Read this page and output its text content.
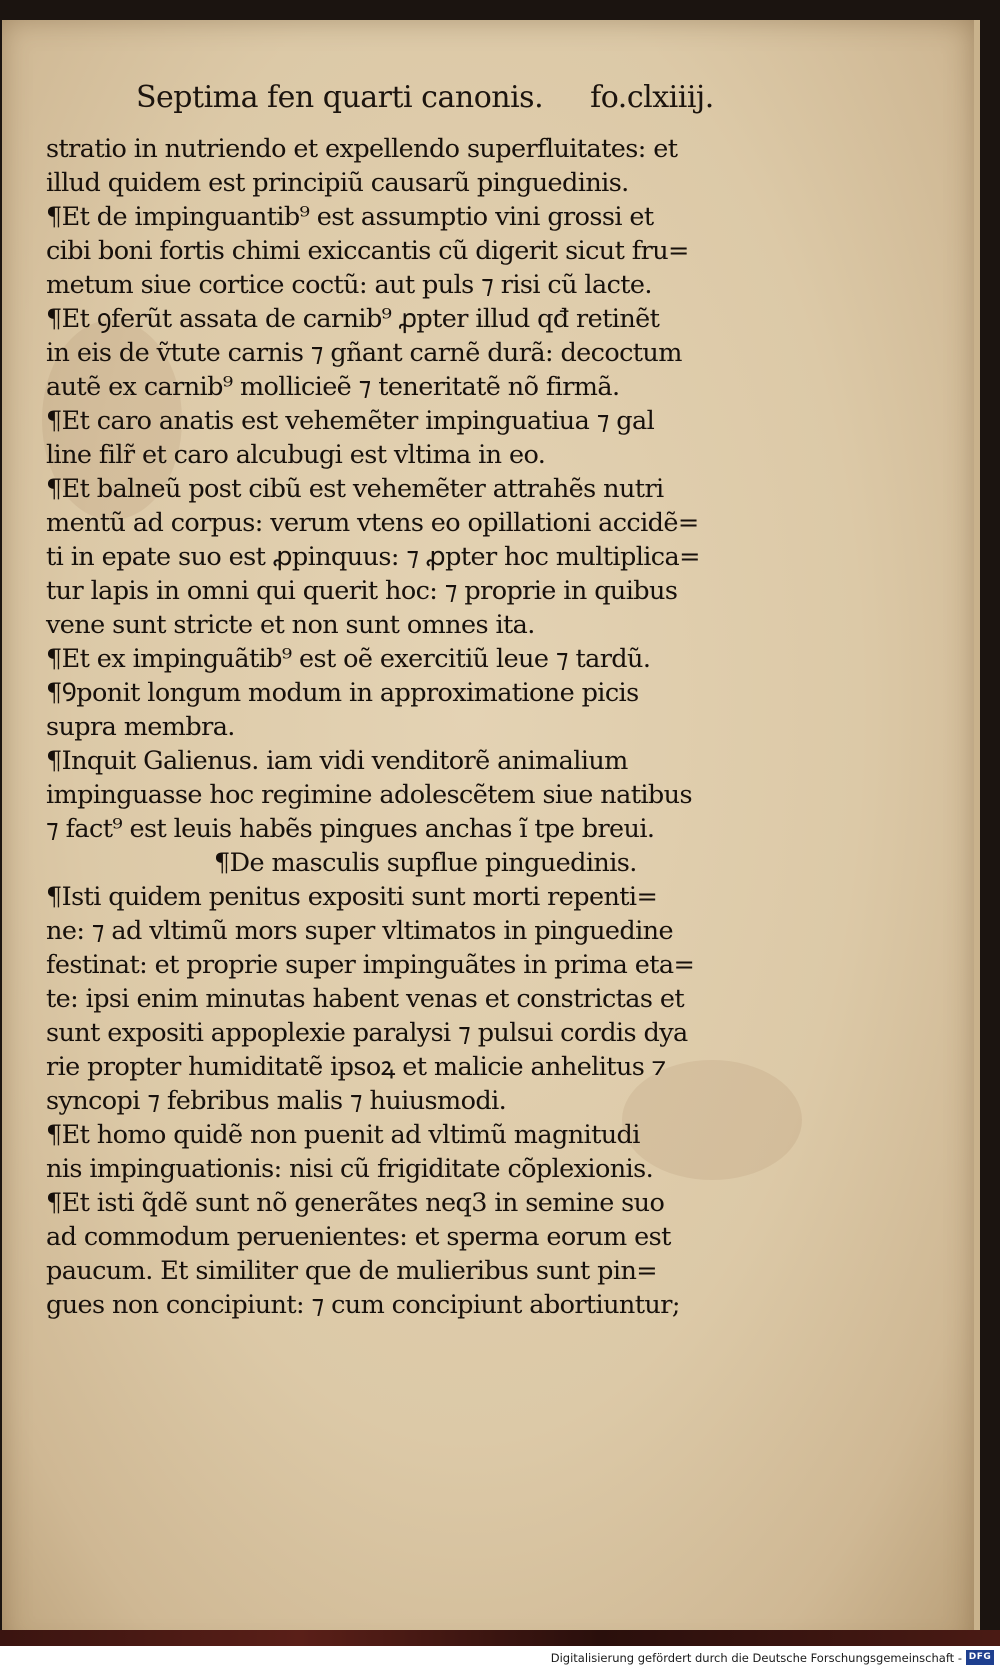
Septima fen quarti canonis. fo.clxiiij.
stratio in nutriendo et expellendo superfluitates: et
illud quidem est principiũ causarũ pinguedinis.
¶Et de impinguantib⁹ est assumptio vini grossi et
cibi boni fortis chimi exiccantis cũ digerit sicut fru=
metum siue cortice coctũ: aut puls ⁊ risi cũ lacte.
¶Et ꝯferũt assata de carnib⁹ ꝓpter illud qđ retinẽt
in eis de ṽtute carnis ⁊ gñant carnẽ durã: decoctum
autẽ ex carnib⁹ mollicieẽ ⁊ teneritatẽ nõ firmã.
¶Et caro anatis est vehemẽter impinguatiua ⁊ gal
line filr̃ et caro alcubugi est vltima in eo.
¶Et balneũ post cibũ est vehemẽter attrahẽs nutri
mentũ ad corpus: verum vtens eo opillationi accidẽ=
ti in epate suo est ꝓpinquus: ⁊ ꝓpter hoc multiplica=
tur lapis in omni qui querit hoc: ⁊ proprie in quibus
vene sunt stricte et non sunt omnes ita.
¶Et ex impinguãtib⁹ est oẽ exercitiũ leue ⁊ tardũ.
¶Ꝯponit longum modum in approximatione picis
supra membra.
¶Inquit Galienus. iam vidi venditorẽ animalium
impinguasse hoc regimine adolescẽtem siue natibus
⁊ fact⁹ est leuis habẽs pingues anchas ĩ tpe breui.
¶De masculis supflue pinguedinis.
¶Isti quidem penitus expositi sunt morti repenti=
ne: ⁊ ad vltimũ mors super vltimatos in pinguedine
festinat: et proprie super impinguãtes in prima eta=
te: ipsi enim minutas habent venas et constrictas et
sunt expositi appoplexie paralysi ⁊ pulsui cordis dya
rie propter humiditatẽ ipsoꝝ et malicie anhelitus ⁊
syncopi ⁊ febribus malis ⁊ huiusmodi.
¶Et homo quidẽ non puenit ad vltimũ magnitudi
nis impinguationis: nisi cũ frigiditate cõplexionis.
¶Et isti q̃dẽ sunt nõ generãtes neq3 in semine suo
ad commodum peruenientes: et sperma eorum est
paucum. Et similiter que de mulieribus sunt pin=
gues non concipiunt: ⁊ cum concipiunt abortiuntur;
Digitalisierung gefördert durch die Deutsche Forschungsgemeinschaft - DFG
